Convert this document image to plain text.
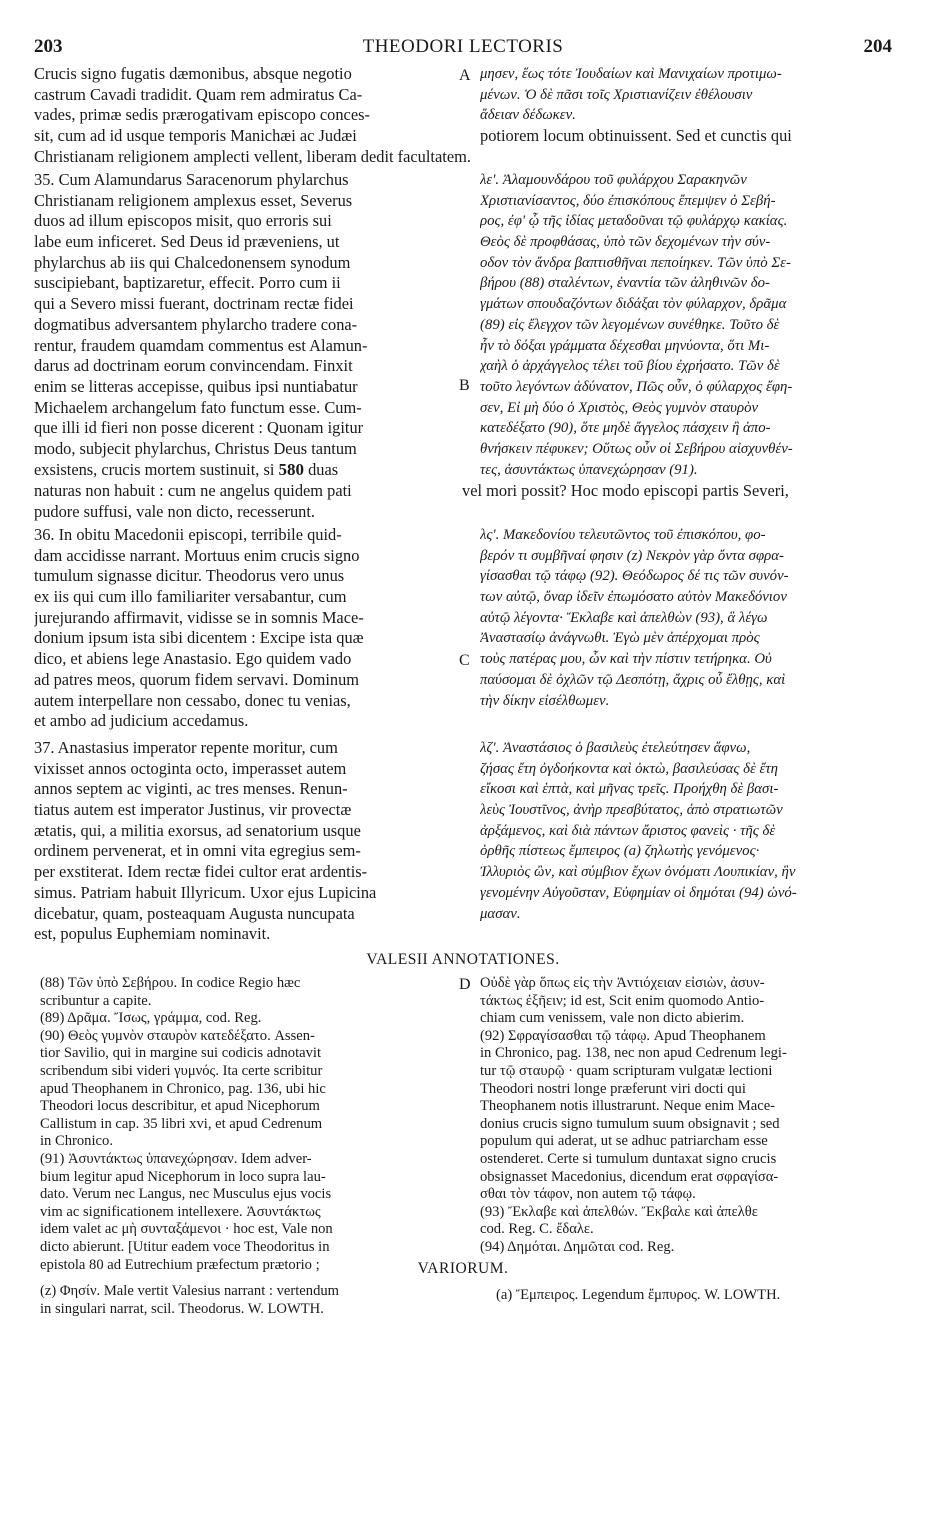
203	THEODORI LECTORIS	204
Crucis signo fugatis dæmonibus, absque negotio
castrum Cavadi tradidit. Quam rem admiratus Ca-
vades, primæ sedis prærogativam episcopo conces-
sit, cum ad id usque temporis Manichæi ac Judæi
A μησεν, ἕως τότε Ἰουδαίων καὶ Μανιχαίων προτιμω-
μένων. Ὁ δὲ πᾶσι τοῖς Χριστιανίζειν ἐθέλουσιν
ἄδειαν δέδωκεν.
potiorem locum obtinuissent. Sed et cunctis qui
Christianam religionem amplecti vellent, liberam dedit facultatem.
35. Cum Alamundarus Saracenorum phylarchus
Christianam religionem amplexus esset, Severus
duos ad illum episcopos misit, quo erroris sui
labe eum inficeret. Sed Deus id præveniens, ut
phylarchus ab iis qui Chalcedonensem synodum
suscipiebant, baptizaretur, effecit. Porro cum ii
qui a Severo missi fuerant, doctrinam rectæ fidei
dogmatibus adversantem phylarcho tradere cona-
rentur, fraudem quamdam commentus est Alamun-
darus ad doctrinam eorum convincendam. Finxit
enim se litteras accepisse, quibus ipsi nuntiabatur
Michaelem archangelum fato functum esse. Cum-
que illi id fieri non posse dicerent : Quonam igitur
modo, subjecit phylarchus, Christus Deus tantum
exsistens, crucis mortem sustinuit, si 580 duas
B
λε'. Ἀλαμουνδάρου τοῦ φυλάρχου Σαρακηνῶν
Χριστιανίσαντος, δύο ἐπισκόπους ἔπεμψεν ὁ Σεβή-
ρος, ἐφ' ᾧ τῆς ἰδίας μεταδοῦναι τῷ φυλάρχῳ κακίας.
Θεὸς δὲ προφθάσας, ὑπὸ τῶν δεχομένων τὴν σύν-
οδον τὸν ἄνδρα βαπτισθῆναι πεποίηκεν. Τῶν ὑπὸ Σε-
βήρου (88) σταλέντων, ἐναντία τῶν ἀληθινῶν δο-
γμάτων σπουδαζόντων διδάξαι τὸν φύλαρχον, δρᾶμα
(89) εἰς ἔλεγχον τῶν λεγομένων συνέθηκε. Τοῦτο δὲ
ἦν τὸ δόξαι γράμματα δέχεσθαι μηνύοντα, ὅτι Μι-
χαὴλ ὁ ἀρχάγγελος τέλει τοῦ βίου ἐχρήσατο. Τῶν δὲ
τοῦτο λεγόντων ἀδύνατον, Πῶς οὖν, ὁ φύλαρχος ἔφη-
σεν, Εἰ μὴ δύο ὁ Χριστὸς, Θεὸς γυμνὸν σταυρὸν
κατεδέξατο (90), ὅτε μηδὲ ἄγγελος πάσχειν ἢ ἀπο-
θνήσκειν πέφυκεν; Οὕτως οὖν οἱ Σεβήρου αἰσχυνθέν-
τες, ἀσυντάκτως ὑπανεχώρησαν (91).
naturas non habuit : cum ne angelus quidem pati	vel mori possit? Hoc modo episcopi partis Severi,
pudore suffusi, vale non dicto, recesserunt.
36. In obitu Macedonii episcopi, terribile quid-
dam accidisse narrant. Mortuus enim crucis signo
tumulum signasse dicitur. Theodorus vero unus
ex iis qui cum illo familiariter versabantur, cum
jurejurando affirmavit, vidisse se in somnis Mace-
donium ipsum ista sibi dicentem : Excipe ista quæ
dico, et abiens lege Anastasio. Ego quidem vado
ad patres meos, quorum fidem servavi. Dominum
autem interpellare non cessabo, donec tu venias,
et ambo ad judicium accedamus.
C
λς'. Μακεδονίου τελευτῶντος τοῦ ἐπισκόπου, φο-
βερόν τι συμβῆναί φησιν (z) Νεκρὸν γὰρ ὄντα σφρα-
γίσασθαι τῷ τάφῳ (92). Θεόδωρος δέ τις τῶν συνόν-
των αὐτῷ, ὄναρ ἰδεῖν ἐπωμόσατο αὐτὸν Μακεδόνιον
αὐτῷ λέγοντα· Ἔκλαβε καὶ ἀπελθὼν (93), ἃ λέγω
Ἀναστασίῳ ἀνάγνωθι. Ἐγὼ μὲν ἀπέρχομαι πρὸς
τοὺς πατέρας μου, ὧν καὶ τὴν πίστιν τετήρηκα. Οὐ
παύσομαι δὲ ὀχλῶν τῷ Δεσπότῃ, ἄχρις οὗ ἔλθῃς, καὶ
τὴν δίκην εἰσέλθωμεν.
37. Anastasius imperator repente moritur, cum
vixisset annos octoginta octo, imperasset autem
annos septem ac viginti, ac tres menses. Renun-
tiatus autem est imperator Justinus, vir provectæ
ætatis, qui, a militia exorsus, ad senatorium usque
ordinem pervenerat, et in omni vita egregius sem-
per exstiterat. Idem rectæ fidei cultor erat ardentis-
simus. Patriam habuit Illyricum. Uxor ejus Lupicina
dicebatur, quam, posteaquam Augusta nuncupata
est, populus Euphemiam nominavit.
λζ'. Ἀναστάσιος ὁ βασιλεὺς ἐτελεύτησεν ἄφνω,
ζήσας ἔτη ὀγδοήκοντα καὶ ὀκτὼ, βασιλεύσας δὲ ἔτη
εἴκοσι καὶ ἑπτὰ, καὶ μῆνας τρεῖς. Προήχθη δὲ βασι-
λεὺς Ἰουστῖνος, ἀνὴρ πρεσβύτατος, ἀπὸ στρατιωτῶν
ἀρξάμενος, καὶ διὰ πάντων ἄριστος φανεὶς · τῆς δὲ
ὀρθῆς πίστεως ἔμπειρος (a) ζηλωτὴς γενόμενος·
Ἰλλυριὸς ὢν, καὶ σύμβιον ἔχων ὀνόματι Λουπικίαν, ἣν
γενομένην Αὐγοῦσταν, Εὐφημίαν οἱ δημόται (94) ὠνό-
μασαν.
VALESII ANNOTATIONES.
(88) Τῶν ὑπὸ Σεβήρου. In codice Regio hæc
scribuntur a capite.
(89) Δρᾶμα. Ἴσως, γράμμα, cod. Reg.
(90) Θεὸς γυμνὸν σταυρὸν κατεδέξατο. Assen-
tior Savilio, qui in margine sui codicis adnotavit
scribendum sibi videri γυμνός. Ita certe scribitur
apud Theophanem in Chronico, pag. 136, ubi hic
Theodori locus describitur, et apud Nicephorum
Callistum in cap. 35 libri xvi, et apud Cedrenum
in Chronico.
(91) Ἀσυντάκτως ὑπανεχώρησαν. Idem adver-
bium legitur apud Nicephorum in loco supra lau-
dato. Verum nec Langus, nec Musculus ejus vocis
vim ac significationem intellexere. Ἀσυντάκτως
idem valet ac μὴ συνταξάμενοι · hoc est, Vale non
dicto abierunt. [Utitur eadem voce Theodoritus in
epistola 80 ad Eutrechium præfectum prætorio ;
D Οὐδὲ γὰρ ὅπως εἰς τὴν Ἀντιόχειαν εἰσιὼν, ἀσυν-
τάκτως ἐξῆειν; id est, Scit enim quomodo Antio-
chiam cum venissem, vale non dicto abierim.
(92) Σφραγίσασθαι τῷ τάφῳ. Apud Theophanem
in Chronico, pag. 138, nec non apud Cedrenum legi-
tur τῷ σταυρῷ · quam scripturam vulgatæ lectioni
Theodori nostri longe præferunt viri docti qui
Theophanem notis illustrarunt. Neque enim Mace-
donius crucis signo tumulum suum obsignavit ; sed
populum qui aderat, ut se adhuc patriarcham esse
ostenderet. Certe si tumulum duntaxat signo crucis
obsignasset Macedonius, dicendum erat σφραγίσα-
σθαι τὸν τάφον, non autem τῷ τάφῳ.
(93) Ἔκλαβε καὶ ἀπελθών. Ἔκβαλε καὶ ἀπελθε
cod. Reg. C. ἔδαλε.
(94) Δημόται. Δημῶται cod. Reg.
VARIORUM.
(z) Φησίν. Male vertit Valesius narrant : vertendum
in singulari narrat, scil. Theodorus. W. LOWTH.
(a) Ἔμπειρος. Legendum ἔμπυρος. W. LOWTH.
